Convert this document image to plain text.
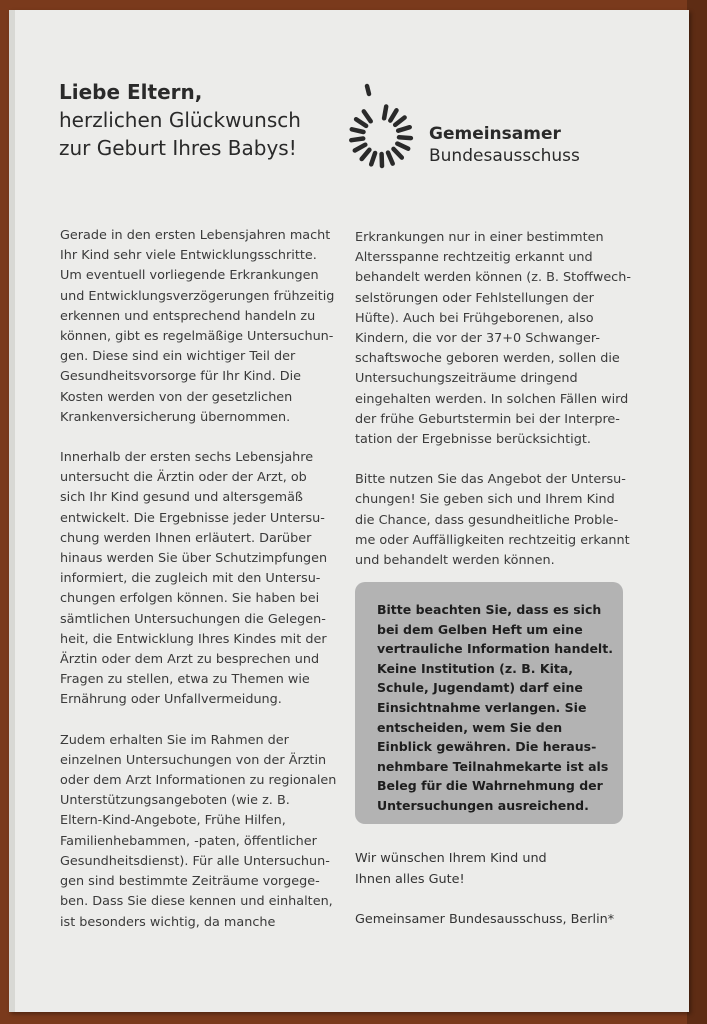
Liebe Eltern,
herzlichen Glückwunsch
zur Geburt Ihres Babys!
Gemeinsamer
Bundesausschuss

Gerade in den ersten Lebensjahren macht
Ihr Kind sehr viele Entwicklungsschritte.
Um eventuell vorliegende Erkrankungen
und Entwicklungsverzögerungen frühzeitig
erkennen und entsprechend handeln zu
können, gibt es regelmäßige Untersuchun-
gen. Diese sind ein wichtiger Teil der
Gesundheitsvorsorge für Ihr Kind. Die
Kosten werden von der gesetzlichen
Krankenversicherung übernommen.

Innerhalb der ersten sechs Lebensjahre
untersucht die Ärztin oder der Arzt, ob
sich Ihr Kind gesund und altersgemäß
entwickelt. Die Ergebnisse jeder Untersu-
chung werden Ihnen erläutert. Darüber
hinaus werden Sie über Schutzimpfungen
informiert, die zugleich mit den Untersu-
chungen erfolgen können. Sie haben bei
sämtlichen Untersuchungen die Gelegen-
heit, die Entwicklung Ihres Kindes mit der
Ärztin oder dem Arzt zu besprechen und
Fragen zu stellen, etwa zu Themen wie
Ernährung oder Unfallvermeidung.

Zudem erhalten Sie im Rahmen der
einzelnen Untersuchungen von der Ärztin
oder dem Arzt Informationen zu regionalen
Unterstützungsangeboten (wie z. B.
Eltern-Kind-Angebote, Frühe Hilfen,
Familienhebammen, -paten, öffentlicher
Gesundheitsdienst). Für alle Untersuchun-
gen sind bestimmte Zeiträume vorgege-
ben. Dass Sie diese kennen und einhalten,
ist besonders wichtig, da manche

Erkrankungen nur in einer bestimmten
Altersspanne rechtzeitig erkannt und
behandelt werden können (z. B. Stoffwech-
selstörungen oder Fehlstellungen der
Hüfte). Auch bei Frühgeborenen, also
Kindern, die vor der 37+0 Schwanger-
schaftswoche geboren werden, sollen die
Untersuchungszeiträume dringend
eingehalten werden. In solchen Fällen wird
der frühe Geburtstermin bei der Interpre-
tation der Ergebnisse berücksichtigt.

Bitte nutzen Sie das Angebot der Untersu-
chungen! Sie geben sich und Ihrem Kind
die Chance, dass gesundheitliche Proble-
me oder Auffälligkeiten rechtzeitig erkannt
und behandelt werden können.

Bitte beachten Sie, dass es sich
bei dem Gelben Heft um eine
vertrauliche Information handelt.
Keine Institution (z. B. Kita,
Schule, Jugendamt) darf eine
Einsichtnahme verlangen. Sie
entscheiden, wem Sie den
Einblick gewähren. Die heraus-
nehmbare Teilnahmekarte ist als
Beleg für die Wahrnehmung der
Untersuchungen ausreichend.
Wir wünschen Ihrem Kind und
Ihnen alles Gute!
Gemeinsamer Bundesausschuss, Berlin*
